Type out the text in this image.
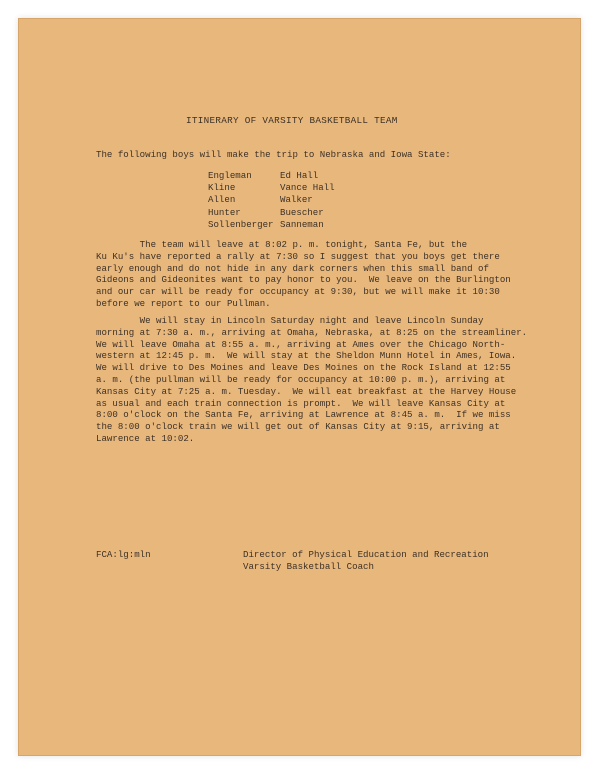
ITINERARY OF VARSITY BASKETBALL TEAM
The following boys will make the trip to Nebraska and Iowa State:
Engleman	Ed Hall
Kline	Vance Hall
Allen	Walker
Hunter	Buescher
Sollenberger Sanneman
The team will leave at 8:02 p. m. tonight, Santa Fe, but the
Ku Ku's have reported a rally at 7:30 so I suggest that you boys get there
early enough and do not hide in any dark corners when this small band of
Gideons and Gideonites want to pay honor to you.  We leave on the Burlington
and our car will be ready for occupancy at 9:30, but we will make it 10:30
before we report to our Pullman.
We will stay in Lincoln Saturday night and leave Lincoln Sunday
morning at 7:30 a. m., arriving at Omaha, Nebraska, at 8:25 on the streamliner.
We will leave Omaha at 8:55 a. m., arriving at Ames over the Chicago North-
western at 12:45 p. m.  We will stay at the Sheldon Munn Hotel in Ames, Iowa.
We will drive to Des Moines and leave Des Moines on the Rock Island at 12:55
a. m. (the pullman will be ready for occupancy at 10:00 p. m.), arriving at
Kansas City at 7:25 a. m. Tuesday.  We will eat breakfast at the Harvey House
as usual and each train connection is prompt.  We will leave Kansas City at
8:00 o'clock on the Santa Fe, arriving at Lawrence at 8:45 a. m.  If we miss
the 8:00 o'clock train we will get out of Kansas City at 9:15, arriving at
Lawrence at 10:02.
FCA:lg:mln	Director of Physical Education and Recreation
Varsity Basketball Coach
